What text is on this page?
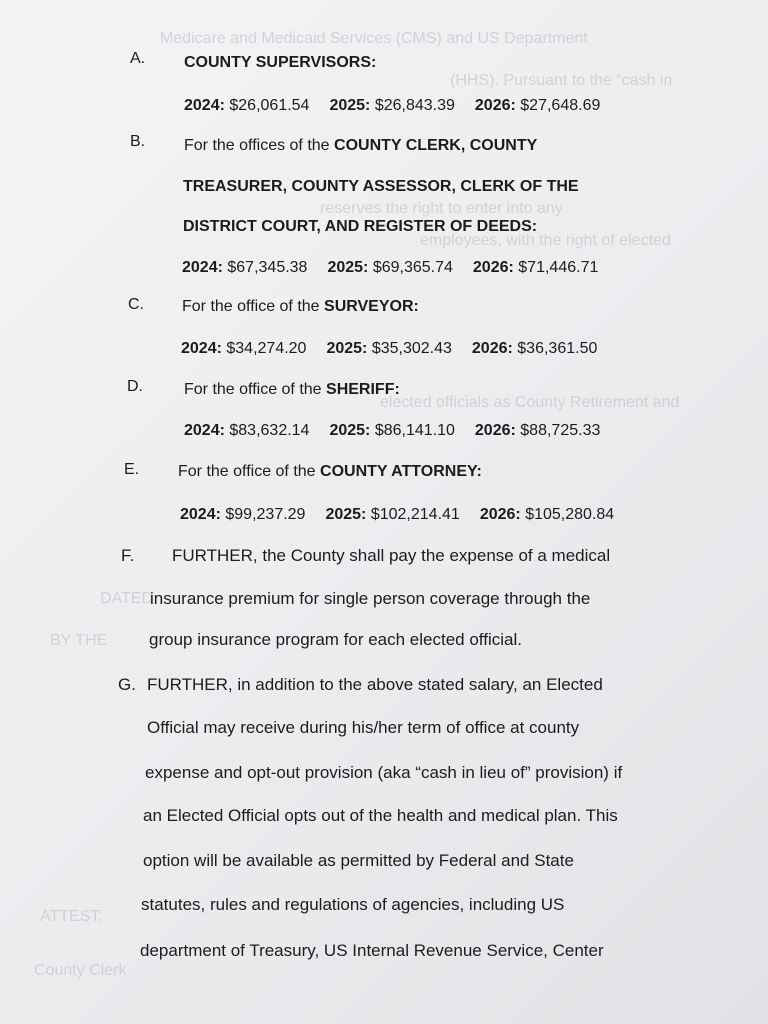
Medicare and Medicaid Services (CMS) and US Department
(HHS). Pursuant to the “cash in
reserves the right to enter into any
employees, with the right of elected
elected officials as County Retirement and
DATED
BY THE
ATTEST:
County Clerk
A. COUNTY SUPERVISORS:
2024: $26,061.54 2025: $26,843.39 2026: $27,648.69
B. For the offices of the COUNTY CLERK, COUNTY
TREASURER, COUNTY ASSESSOR, CLERK OF THE
DISTRICT COURT, AND REGISTER OF DEEDS:
2024: $67,345.38 2025: $69,365.74 2026: $71,446.71
C. For the office of the SURVEYOR:
2024: $34,274.20 2025: $35,302.43 2026: $36,361.50
D.	For the office of the SHERIFF:
2024: $83,632.14 2025: $86,141.10 2026: $88,725.33
E. For the office of the COUNTY ATTORNEY:
2024: $99,237.29 2025: $102,214.41 2026: $105,280.84
F. FURTHER, the County shall pay the expense of a medical
insurance premium for single person coverage through the
group insurance program for each elected official.
G. FURTHER, in addition to the above stated salary, an Elected
Official may receive during his/her term of office at county
expense and opt-out provision (aka “cash in lieu of” provision) if
an Elected Official opts out of the health and medical plan. This
option will be available as permitted by Federal and State
statutes, rules and regulations of agencies, including US
department of Treasury, US Internal Revenue Service, Center
